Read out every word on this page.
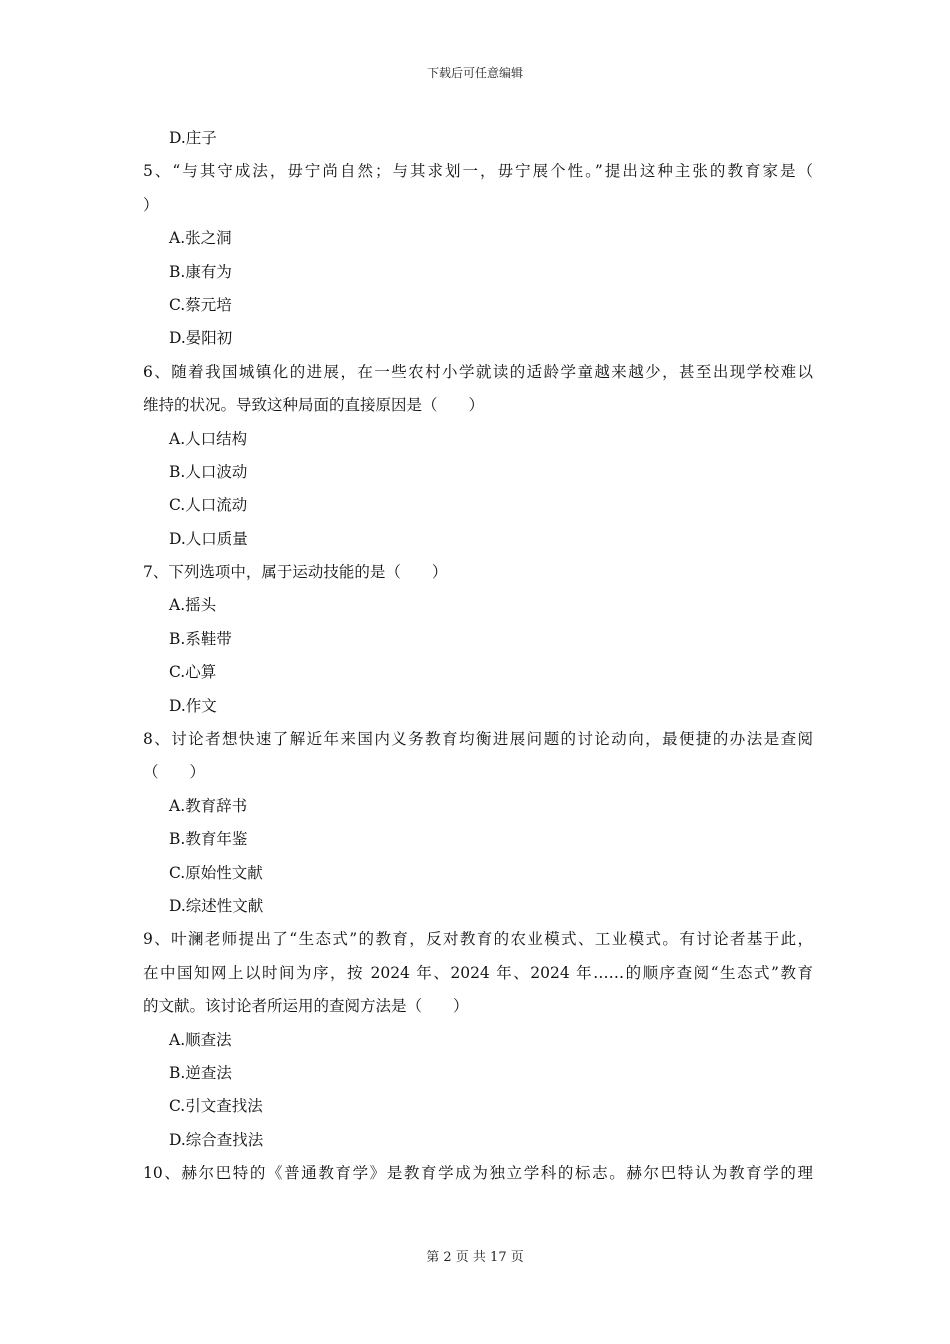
下载后可任意编辑
D.庄子
5、“与其守成法，毋宁尚自然；与其求划一，毋宁展个性。”提出这种主张的教育家是（
）
A.张之洞
B.康有为
C.蔡元培
D.晏阳初
6、随着我国城镇化的进展，在一些农村小学就读的适龄学童越来越少，甚至出现学校难以
维持的状况。导致这种局面的直接原因是（　　）
A.人口结构
B.人口波动
C.人口流动
D.人口质量
7、下列选项中，属于运动技能的是（　　）
A.摇头
B.系鞋带
C.心算
D.作文
8、讨论者想快速了解近年来国内义务教育均衡进展问题的讨论动向，最便捷的办法是查阅
（　　）
A.教育辞书
B.教育年鉴
C.原始性文献
D.综述性文献
9、叶澜老师提出了“生态式”的教育，反对教育的农业模式、工业模式。有讨论者基于此，
在中国知网上以时间为序，按 2024 年、2024 年、2024 年……的顺序查阅“生态式”教育
的文献。该讨论者所运用的查阅方法是（　　）
A.顺查法
B.逆查法
C.引文查找法
D.综合查找法
10、赫尔巴特的《普通教育学》是教育学成为独立学科的标志。赫尔巴特认为教育学的理
第 2 页 共 17 页
